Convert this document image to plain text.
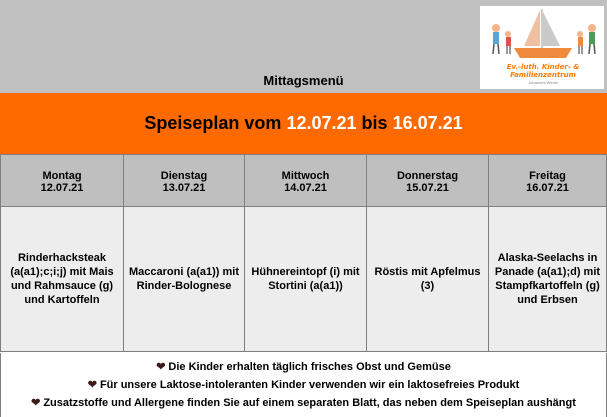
Ev.-luth. Kinder- & Familienzentrum
Johannes Wedel
Mittagsmenü
Speiseplan vom 12.07.21 bis 16.07.21
Montag
12.07.21
Dienstag
13.07.21
Mittwoch
14.07.21
Donnerstag
15.07.21
Freitag
16.07.21
Rinderhacksteak (a(a1);c;i;j) mit Mais und Rahmsauce (g) und Kartoffeln
Maccaroni (a(a1)) mit Rinder-Bolognese
Hühnereintopf (i) mit Stortini (a(a1))
Röstis mit Apfelmus (3)
Alaska-Seelachs in Panade (a(a1);d) mit Stampfkartoffeln (g) und Erbsen
❤ Die Kinder erhalten täglich frisches Obst und Gemüse
❤ Für unsere Laktose-intoleranten Kinder verwenden wir ein laktosefreies Produkt
❤ Zusatzstoffe und Allergene finden Sie auf einem separaten Blatt, das neben dem Speiseplan aushängt
